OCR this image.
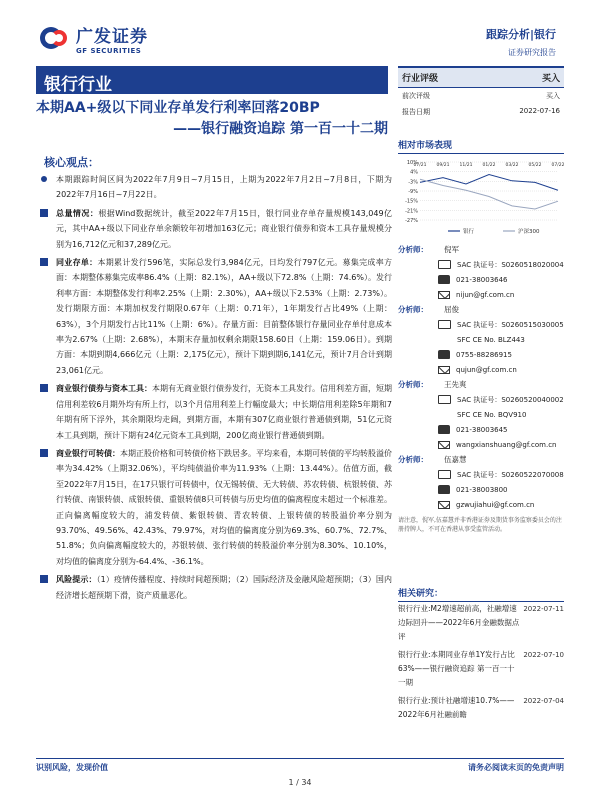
广发证券
GF SECURITIES
跟踪分析|银行
证券研究报告
银行行业
本期AA+级以下同业存单发行利率回落20BP
——银行融资追踪 第一百一十二期
核心观点：
本期跟踪时间区间为2022年7月9日~7月15日，上期为2022年7月2日~7月8日，下期为2022年7月16日~7月22日。
总量情况：根据Wind数据统计，截至2022年7月15日，银行同业存单存量规模143,049亿元，其中AA+级以下同业存单余额较年初增加163亿元；商业银行债券和资本工具存量规模分别为16,712亿元和37,289亿元。
同业存单：本期累计发行596笔，实际总发行3,984亿元，日均发行797亿元。募集完成率方面：本期整体募集完成率86.4%（上期：82.1%），AA+级以下72.8%（上期：74.6%）。发行利率方面：本期整体发行利率2.25%（上期：2.30%），AA+级以下2.53%（上期：2.73%）。发行期限方面：本期加权发行期限0.67年（上期：0.71年），1年期发行占比49%（上期：63%），3个月期发行占比11%（上期：6%）。存量方面：目前整体银行存量同业存单付息成本率为2.67%（上期：2.68%），本期末存量加权剩余期限158.60日（上期：159.06日）。到期方面：本期到期4,666亿元（上期：2,175亿元），预计下期到期6,141亿元，预计7月合计到期23,061亿元。
商业银行债券与资本工具：本期有无商业银行债券发行，无资本工具发行。信用利差方面，短期信用利差较6月期外均有所上行，以3个月信用利差上行幅度最大；中长期信用利差除5年期和7年期有所下浮外，其余期限均走阔，到期方面，本期有307亿商业银行普通债到期，51亿元资本工具到期，预计下期有24亿元资本工具到期，200亿商业银行普通债到期。
商业银行可转债：本期正股价格和可转债价格下跌居多。平均来看，本期可转债的平均转股溢价率为34.42%（上期32.06%），平均纯债溢价率为11.93%（上期：13.44%）。估值方面，截至2022年7月15日，在17只银行可转债中，仅无锡转债、无大转债、苏农转债、杭银转债、苏行转债、南银转债、成银转债、重银转债8只可转债与历史均值的偏离程度未超过一个标准差。正向偏离幅度较大的，浦发转债、紫银转债、青农转债、上银转债的转股溢价率分别为93.70%、49.56%、42.43%、79.97%，对均值的偏离度分别为69.3%、60.7%、72.7%、51.8%；负向偏离幅度较大的，苏银转债、张行转债的转股溢价率分别为8.30%、10.10%，对均值的偏离度分别为-64.4%、-36.1%。
风险提示：（1）疫情传播程度、持续时间超预期；（2）国际经济及金融风险超预期；（3）国内经济增长超预期下滑，资产质量恶化。
行业评级	买入
前次评级	买入
报告日期	2022-07-16
相对市场表现
10%
4%
-3%
-9%
-15%
-21%
-27%
07/21 09/21 11/21 01/22 03/22 05/22 07/22
银行	沪深300
分析师：	倪军
SAC 执证号：S0260518020004
021-38003646
nijun@gf.com.cn
分析师：	屈俊
SAC 执证号：S0260515030005
SFC CE No. BLZ443
0755-88286915
qujun@gf.com.cn
分析师：	王先爽
SAC 执证号：S0260520040002
SFC CE No. BQV910
021-38003645
wangxianshuang@gf.com.cn
分析师：	伍嘉慧
SAC 执证号：S0260522070008
021-38003800
gzwujiahui@gf.com.cn
请注意，倪军,伍嘉慧并非香港证券及期货事务监察委员会的注册持牌人，不可在香港从事受监管活动。
相关研究：
2022-07-11
银行行业:M2增速超前高，社融增速边际回升——2022年6月金融数据点评
2022-07-10
银行行业:本期同业存单1Y发行占比63%——银行融资追踪 第一百一十一期
2022-07-04
银行行业:预计社融增速10.7%——2022年6月社融前瞻
识别风险，发现价值	请务必阅读末页的免责声明
1 / 34
